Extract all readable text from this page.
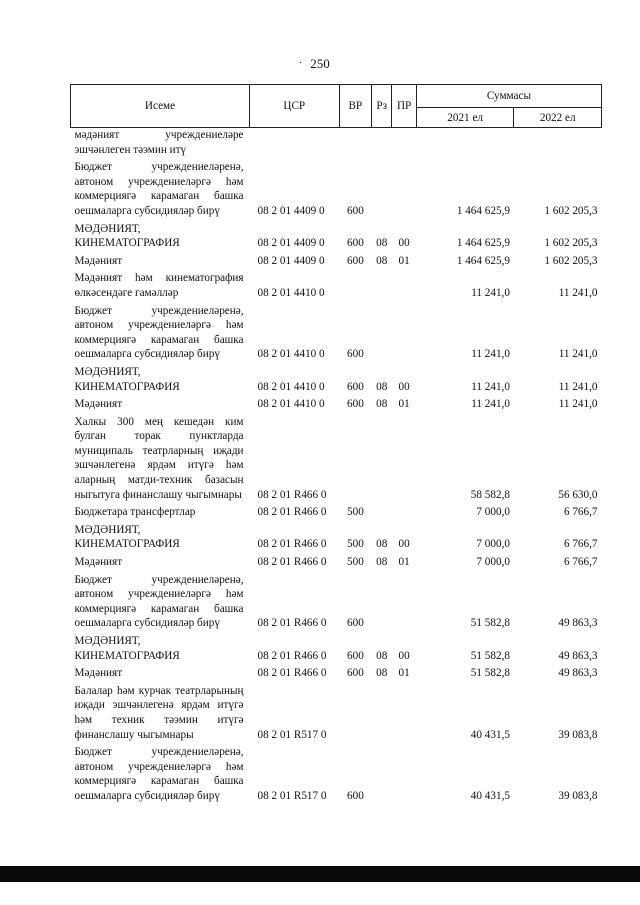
250
·
Исеме	ЦСР	ВР	Рз	ПР	Суммасы	
					2021 ел	2022 ел
мәдәният учреждениеләре эшчәнлеген тәэмин итү						
Бюджет учреждениеләренә, автоном учреждениеләргә һәм коммерциягә карамаган башка оешмаларга субсидияләр бирү	08 2 01 4409 0	600			1 464 625,9	1 602 205,3
МӘДӘНИЯТ, КИНЕМАТОГРАФИЯ	08 2 01 4409 0	600	08	00	1 464 625,9	1 602 205,3
Мәдәният	08 2 01 4409 0	600	08	01	1 464 625,9	1 602 205,3
Мәдәният һәм кинематография өлкәсендәге гамәлләр	08 2 01 4410 0				11 241,0	11 241,0
Бюджет учреждениеләренә, автоном учреждениеләргә һәм коммерциягә карамаган башка оешмаларга субсидияләр бирү	08 2 01 4410 0	600			11 241,0	11 241,0
МӘДӘНИЯТ, КИНЕМАТОГРАФИЯ	08 2 01 4410 0	600	08	00	11 241,0	11 241,0
Мәдәният	08 2 01 4410 0	600	08	01	11 241,0	11 241,0
Халкы 300 мең кешедән ким булган торак пунктларда муниципаль театрларның иҗади эшчәнлегенә ярдәм итүгә һәм аларның матди-техник базасын ныгытуга финанслашу чыгымнары	08 2 01 R466 0				58 582,8	56 630,0
Бюджетара трансфертлар	08 2 01 R466 0	500			7 000,0	6 766,7
МӘДӘНИЯТ, КИНЕМАТОГРАФИЯ	08 2 01 R466 0	500	08	00	7 000,0	6 766,7
Мәдәният	08 2 01 R466 0	500	08	01	7 000,0	6 766,7
Бюджет учреждениеләренә, автоном учреждениеләргә һәм коммерциягә карамаган башка оешмаларга субсидияләр бирү	08 2 01 R466 0	600			51 582,8	49 863,3
МӘДӘНИЯТ, КИНЕМАТОГРАФИЯ	08 2 01 R466 0	600	08	00	51 582,8	49 863,3
Мәдәният	08 2 01 R466 0	600	08	01	51 582,8	49 863,3
Балалар һәм курчак театрларының иҗади эшчәнлегенә ярдәм итүгә һәм техник тәэмин итүгә финанслашу чыгымнары	08 2 01 R517 0				40 431,5	39 083,8
Бюджет учреждениеләренә, автоном учреждениеләргә һәм коммерциягә карамаган башка оешмаларга субсидияләр бирү	08 2 01 R517 0	600			40 431,5	39 083,8
